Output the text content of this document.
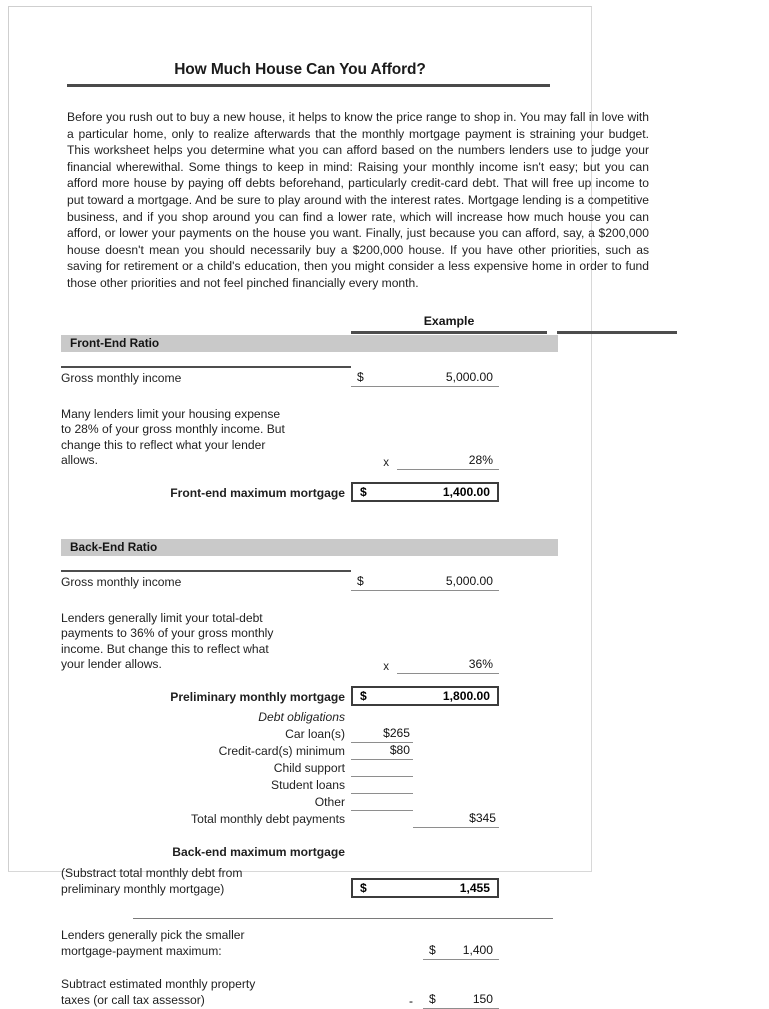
How Much House Can You Afford?
Before you rush out to buy a new house, it helps to know the price range to shop in. You may fall in love with a particular home, only to realize afterwards that the monthly mortgage payment is straining your budget. This worksheet helps you determine what you can afford based on the numbers lenders use to judge your financial wherewithal. Some things to keep in mind: Raising your monthly income isn't easy; but you can afford more house by paying off debts beforehand, particularly credit-card debt. That will free up income to put toward a mortgage. And be sure to play around with the interest rates. Mortgage lending is a competitive business, and if you shop around you can find a lower rate, which will increase how much house you can afford, or lower your payments on the house you want. Finally, just because you can afford, say, a $200,000 house doesn't mean you should necessarily buy a $200,000 house. If you have other priorities, such as saving for retirement or a child's education, then you might consider a less expensive home in order to fund those other priorities and not feel pinched financially every month.
Example

Front-End Ratio
Gross monthly income	$	5,000.00
Many lenders limit your housing expense to 28% of your gross monthly income. But change this to reflect what your lender allows.	x	28%
Front-end maximum mortgage	$	1,400.00
Back-End Ratio
Gross monthly income	$	5,000.00
Lenders generally limit your total-debt payments to 36% of your gross monthly income. But change this to reflect what your lender allows.	x	36%
Preliminary monthly mortgage	$	1,800.00
Debt obligations
Car loan(s)	$265
Credit-card(s) minimum	$80
Child support

Student loans

Other

Total monthly debt payments	$345
Back-end maximum mortgage
(Substract total monthly debt from
preliminary monthly mortgage)	$	1,455
Lenders generally pick the smaller
mortgage-payment maximum:	$ 1,400
Subtract estimated monthly property
taxes (or call tax assessor)	-	$	150
